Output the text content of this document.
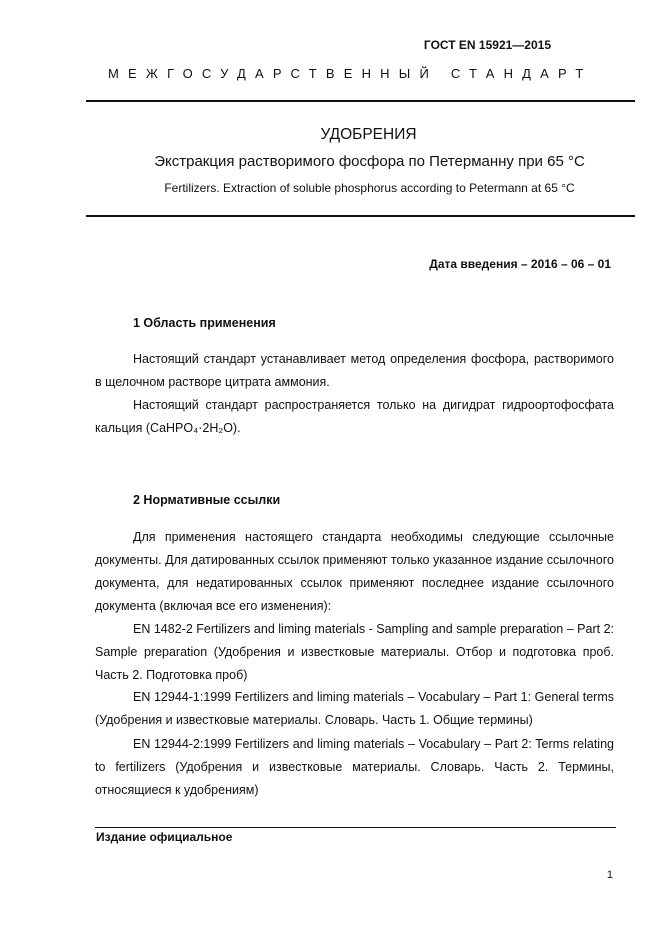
ГОСТ EN 15921—2015
МЕЖГОСУДАРСТВЕННЫЙ СТАНДАРТ
УДОБРЕНИЯ
Экстракция растворимого фосфора по Петерманну при 65 °С
Fertilizers. Extraction of soluble phosphorus according to Petermann at 65 °C
Дата введения – 2016 – 06 – 01
1 Область применения

Настоящий стандарт устанавливает метод определения фосфора, растворимого в щелочном растворе цитрата аммония.

Настоящий стандарт распространяется только на дигидрат гидроортофосфата кальция (CaHPO₄·2H₂O).

2 Нормативные ссылки

Для применения настоящего стандарта необходимы следующие ссылочные документы. Для датированных ссылок применяют только указанное издание ссылочного документа, для недатированных ссылок применяют последнее издание ссылочного документа (включая все его изменения):

EN 1482-2 Fertilizers and liming materials - Sampling and sample preparation – Part 2: Sample preparation (Удобрения и известковые материалы. Отбор и подготовка проб. Часть 2. Подготовка проб)

EN 12944-1:1999 Fertilizers and liming materials – Vocabulary – Part 1: General terms (Удобрения и известковые материалы. Словарь. Часть 1. Общие термины)

EN 12944-2:1999 Fertilizers and liming materials – Vocabulary – Part 2: Terms relating to fertilizers (Удобрения и известковые материалы. Словарь. Часть 2. Термины, относящиеся к удобрениям)

Издание официальное
1
